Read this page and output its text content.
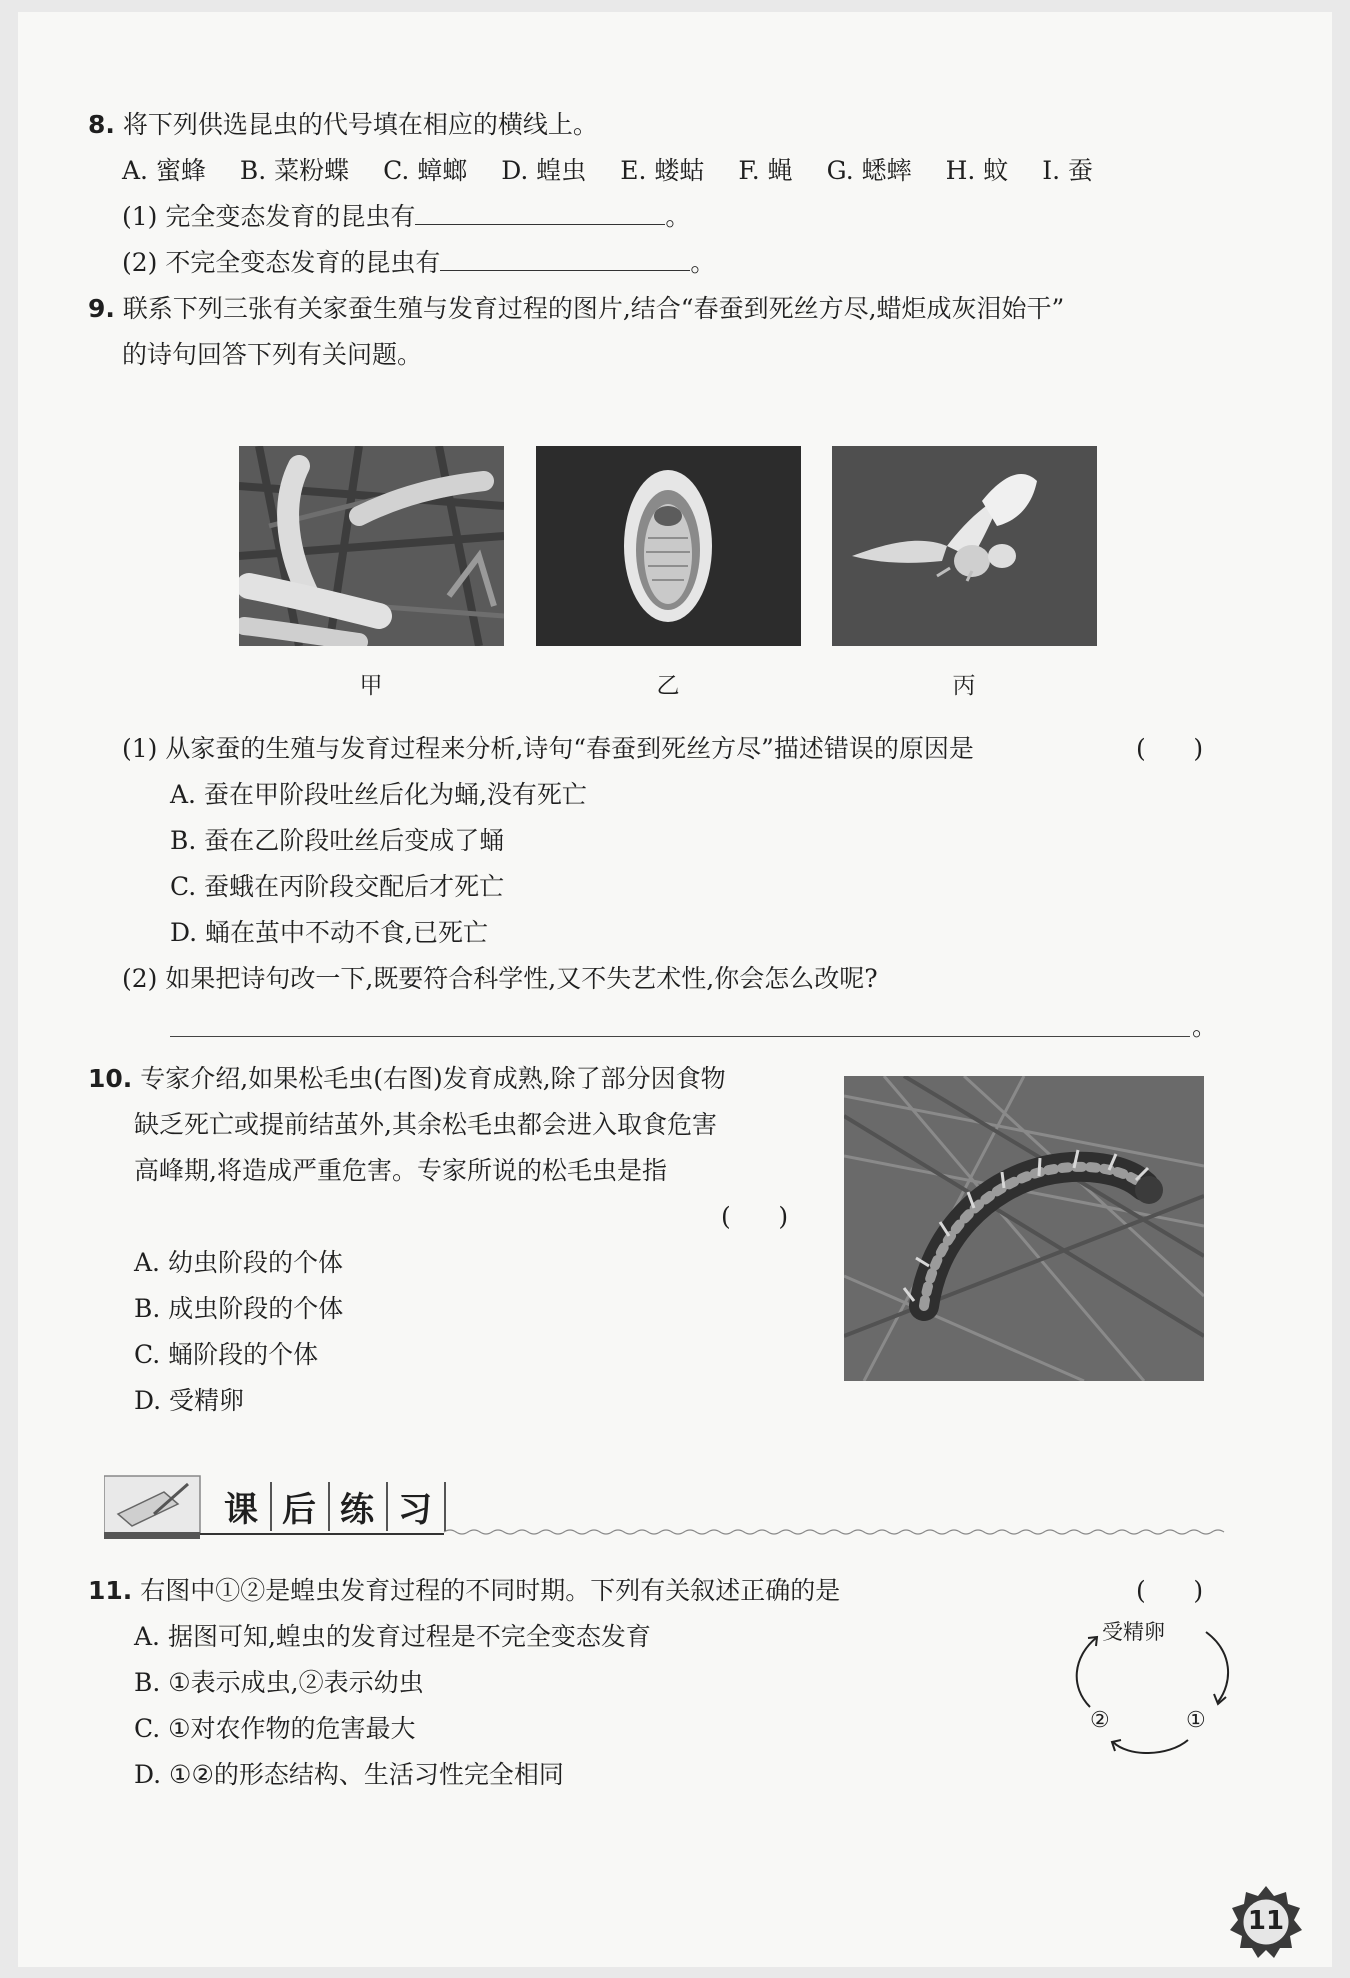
8. 将下列供选昆虫的代号填在相应的横线上。
A. 蜜蜂 B. 菜粉蝶 C. 蟑螂 D. 蝗虫 E. 蝼蛄 F. 蝇 G. 蟋蟀 H. 蚊 I. 蚕
(1) 完全变态发育的昆虫有	。
(2) 不完全变态发育的昆虫有	。
9. 联系下列三张有关家蚕生殖与发育过程的图片,结合“春蚕到死丝方尽,蜡炬成灰泪始干”
的诗句回答下列有关问题。
甲	乙	丙
(1) 从家蚕的生殖与发育过程来分析,诗句“春蚕到死丝方尽”描述错误的原因是	(      )
A. 蚕在甲阶段吐丝后化为蛹,没有死亡
B. 蚕在乙阶段吐丝后变成了蛹
C. 蚕蛾在丙阶段交配后才死亡
D. 蛹在茧中不动不食,已死亡
(2) 如果把诗句改一下,既要符合科学性,又不失艺术性,你会怎么改呢?
。
10. 专家介绍,如果松毛虫(右图)发育成熟,除了部分因食物
缺乏死亡或提前结茧外,其余松毛虫都会进入取食危害
高峰期,将造成严重危害。专家所说的松毛虫是指
(      )
A. 幼虫阶段的个体
B. 成虫阶段的个体
C. 蛹阶段的个体
D. 受精卵
课 后 练 习
11. 右图中①②是蝗虫发育过程的不同时期。下列有关叙述正确的是	(      )
A. 据图可知,蝗虫的发育过程是不完全变态发育
B. ①表示成虫,②表示幼虫
C. ①对农作物的危害最大
D. ①②的形态结构、生活习性完全相同
受精卵
②	①
11
